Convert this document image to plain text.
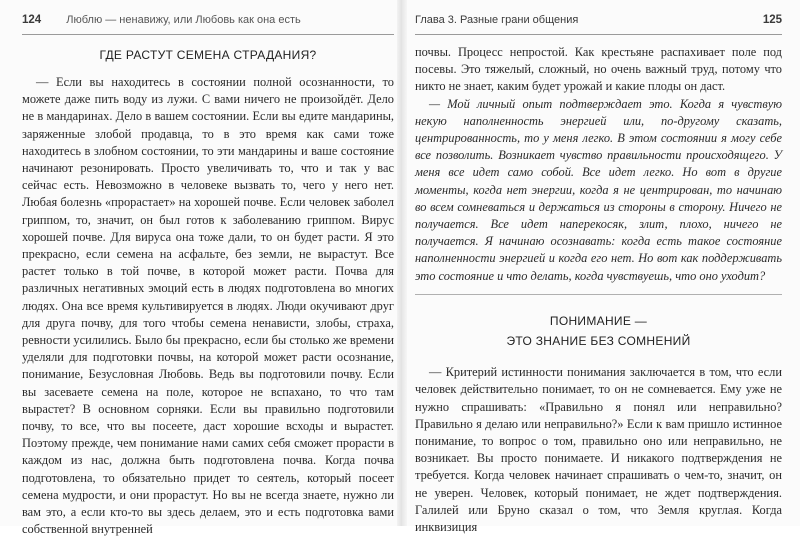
124 Люблю — ненавижу, или Любовь как она есть
ГДЕ РАСТУТ СЕМЕНА СТРАДАНИЯ?

— Если вы находитесь в состоянии полной осознанности, то можете даже пить воду из лужи. С вами ничего не произойдёт. Дело не в мандаринах. Дело в вашем состоянии. Если вы едите мандарины, заряженные злобой продавца, то в это время как сами тоже находитесь в злобном состоянии, то эти мандарины и ваше состояние начинают резонировать. Просто увеличивать то, что и так у вас сейчас есть. Невозможно в человеке вызвать то, чего у него нет. Любая болезнь «прорастает» на хорошей почве. Если человек заболел гриппом, то, значит, он был готов к заболеванию гриппом. Вирус хорошей почве. Для вируса она тоже дали, то он будет расти. Я это прекрасно, если семена на асфальте, без земли, не вырастут. Все растет только в той почве, в которой может расти. Почва для различных негативных эмоций есть в людях подготовлена во многих людях. Она все время культивируется в людях. Люди окучивают друг для друга почву, для того чтобы семена ненависти, злобы, страха, ревности усилились. Было бы прекрасно, если бы столько же времени уделяли для подготовки почвы, на которой может расти осознание, понимание, Безусловная Любовь. Ведь вы подготовили почву. Если вы засеваете семена на поле, которое не вспахано, то что там вырастет? В основном сорняки. Если вы правильно подготовили почву, то все, что вы посеете, даст хорошие всходы и вырастет. Поэтому прежде, чем понимание нами самих себя сможет прорасти в каждом из нас, должна быть подготовлена почва. Когда почва подготовлена, то обязательно придет то сеятель, который посеет семена мудрости, и они прорастут. Но вы не всегда знаете, нужно ли вам это, а если кто-то вы здесь делаем, это и есть подготовка вами собственной внутренней

Глава 3. Разные грани общения	125

почвы. Процесс непростой. Как крестьяне распахивает поле под посевы. Это тяжелый, сложный, но очень важный труд, потому что никто не знает, каким будет урожай и какие плоды он даст.

— Мой личный опыт подтверждает это. Когда я чувствую некую наполненность энергией или, по-другому сказать, центрированность, то у меня легко. В этом состоянии я могу себе все позволить. Возникает чувство правильности происходящего. У меня все идет само собой. Все идет легко. Но вот в другие моменты, когда нет энергии, когда я не центрирован, то начинаю во всем сомневаться и держаться из стороны в сторону. Ничего не получается. Все идет наперекосяк, злит, плохо, ничего не получается. Я начинаю осознавать: когда есть такое состояние наполненности энергией и когда его нет. Но вот как поддерживать это состояние и что делать, когда чувствуешь, что оно уходит?

ПОНИМАНИЕ —
ЭТО ЗНАНИЕ БЕЗ СОМНЕНИЙ

— Критерий истинности понимания заключается в том, что если человек действительно понимает, то он не сомневается. Ему уже не нужно спрашивать: «Правильно я понял или неправильно? Правильно я делаю или неправильно?» Если к вам пришло истинное понимание, то вопрос о том, правильно оно или неправильно, не возникает. Вы просто понимаете. И никакого подтверждения не требуется. Когда человек начинает спрашивать о чем-то, значит, он не уверен. Человек, который понимает, не ждет подтверждения. Галилей или Бруно сказал о том, что Земля круглая. Когда инквизиция
